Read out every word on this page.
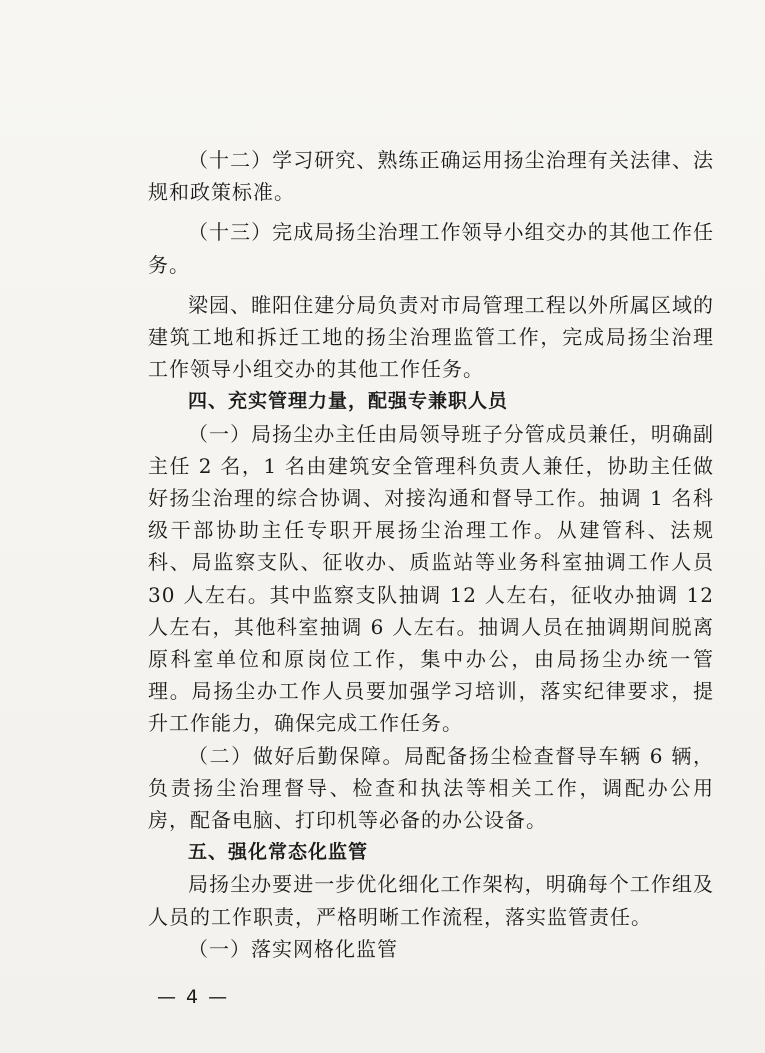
（十二）学习研究、熟练正确运用扬尘治理有关法律、法规和政策标准。

（十三）完成局扬尘治理工作领导小组交办的其他工作任务。

梁园、睢阳住建分局负责对市局管理工程以外所属区域的建筑工地和拆迁工地的扬尘治理监管工作，完成局扬尘治理工作领导小组交办的其他工作任务。

四、充实管理力量，配强专兼职人员

（一）局扬尘办主任由局领导班子分管成员兼任，明确副主任 2 名，1 名由建筑安全管理科负责人兼任，协助主任做好扬尘治理的综合协调、对接沟通和督导工作。抽调 1 名科级干部协助主任专职开展扬尘治理工作。从建管科、法规科、局监察支队、征收办、质监站等业务科室抽调工作人员 30 人左右。其中监察支队抽调 12 人左右，征收办抽调 12 人左右，其他科室抽调 6 人左右。抽调人员在抽调期间脱离原科室单位和原岗位工作，集中办公，由局扬尘办统一管理。局扬尘办工作人员要加强学习培训，落实纪律要求，提升工作能力，确保完成工作任务。

（二）做好后勤保障。局配备扬尘检查督导车辆 6 辆，负责扬尘治理督导、检查和执法等相关工作，调配办公用房，配备电脑、打印机等必备的办公设备。

五、强化常态化监管

局扬尘办要进一步优化细化工作架构，明确每个工作组及人员的工作职责，严格明晰工作流程，落实监管责任。

（一）落实网格化监管

— 4 —
